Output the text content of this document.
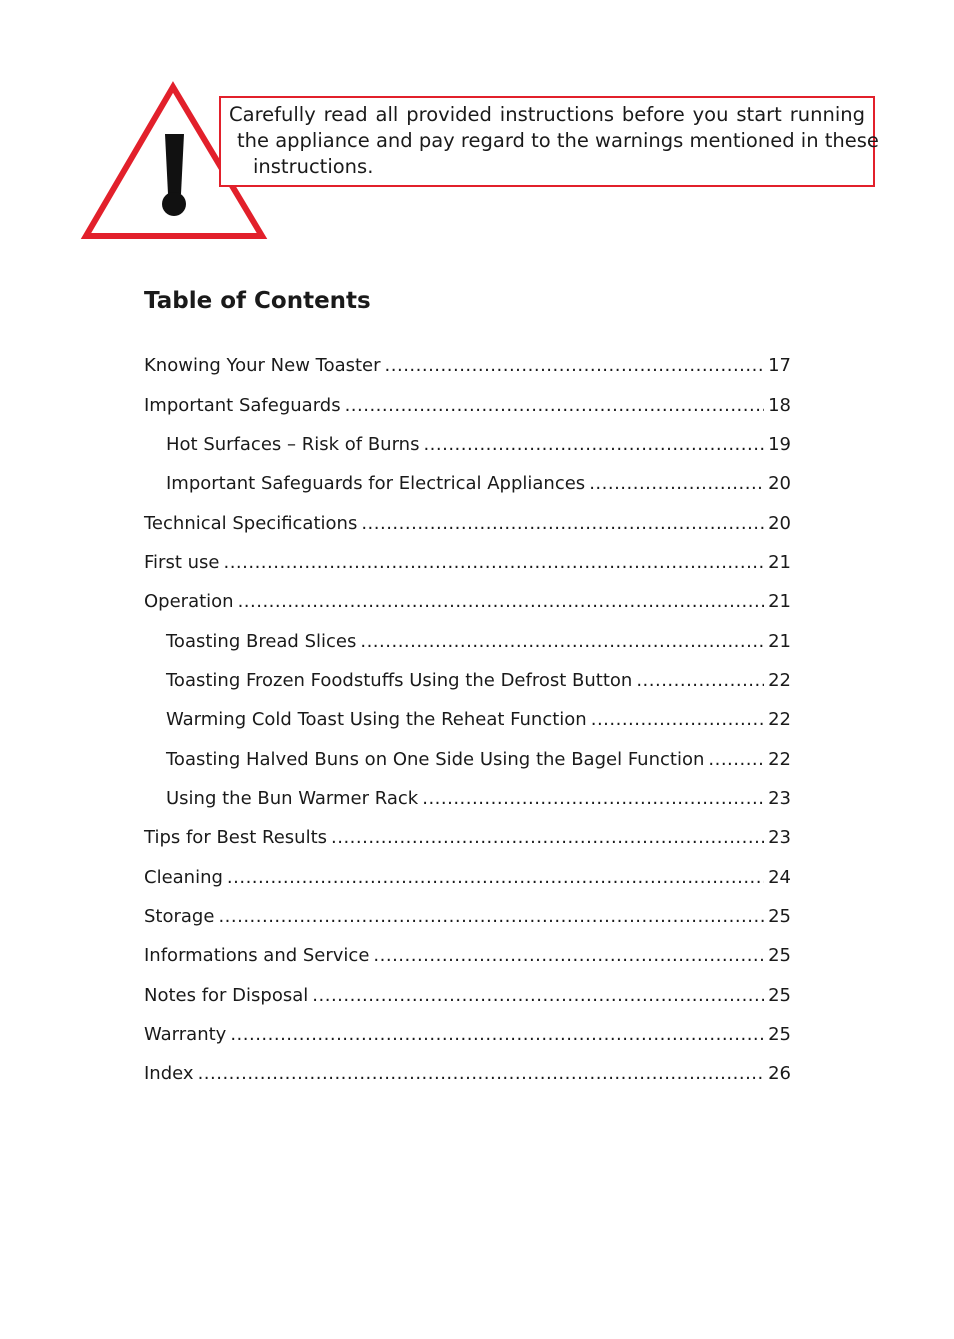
Carefully read all provided instructions before you start running
the appliance and pay regard to the warnings mentioned in these
instructions.
Table of Contents
Knowing Your New Toaster .....	17
Important Safeguards .....	18
Hot Surfaces – Risk of Burns .....	19
Important Safeguards for Electrical Appliances .....	20
Technical Specifications .....	20
First use .....	21
Operation .....	21
Toasting Bread Slices .....	21
Toasting Frozen Foodstuffs Using the Defrost Button .....	22
Warming Cold Toast Using the Reheat Function .....	22
Toasting Halved Buns on One Side Using the Bagel Function .....	22
Using the Bun Warmer Rack .....	23
Tips for Best Results .....	23
Cleaning .....	24
Storage .....	25
Informations and Service .....	25
Notes for Disposal .....	25
Warranty .....	25
Index .....	26
